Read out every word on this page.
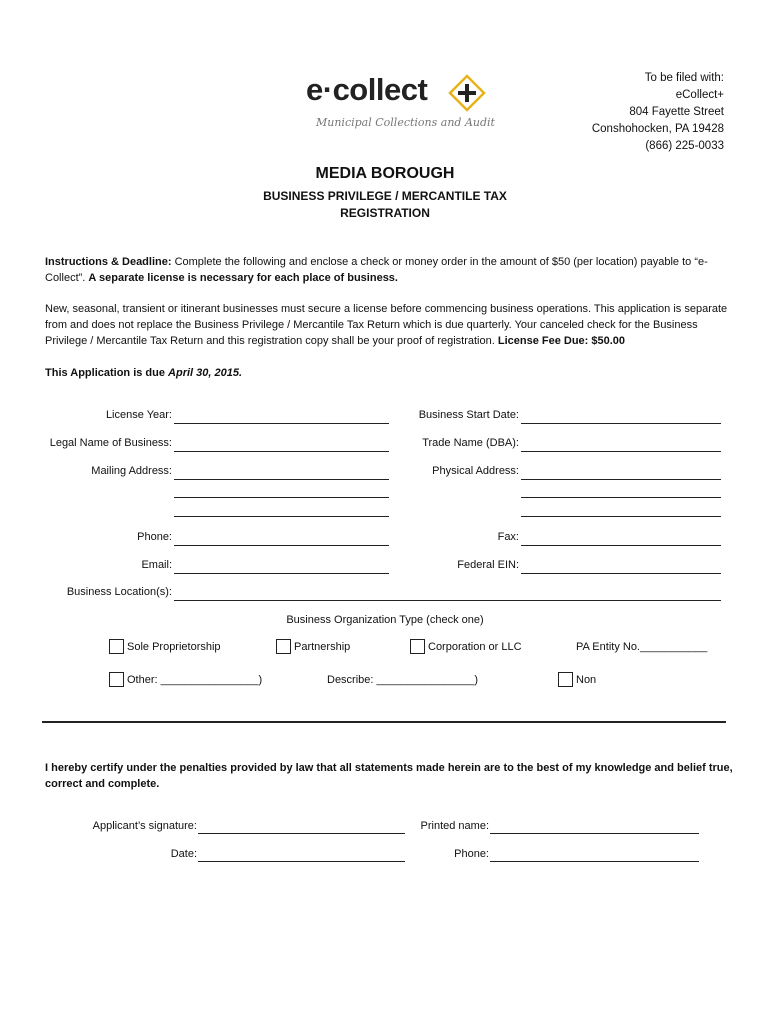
To be filed with:
eCollect+
804 Fayette Street
Conshohocken, PA 19428
(866) 225-0033
e·collect
Municipal Collections and Audit
MEDIA BOROUGH
BUSINESS PRIVILEGE / MERCANTILE TAX
REGISTRATION
Instructions & Deadline: Complete the following and enclose a check or money order in the amount of $50 (per location) payable to “e-Collect”. A separate license is necessary for each place of business.
New, seasonal, transient or itinerant businesses must secure a license before commencing business operations. This application is separate from and does not replace the Business Privilege / Mercantile Tax Return which is due quarterly. Your canceled check for the Business Privilege / Mercantile Tax Return and this registration copy shall be your proof of registration. License Fee Due: $50.00
This Application is due April 30, 2015.
License Year:	Business Start Date:
Legal Name of Business:	Trade Name (DBA):
Mailing Address:	Physical Address:
Phone:	Fax:
Email:	Federal EIN:
Business Location(s):
Business Organization Type (check one)
Sole Proprietorship	Partnership	Corporation or LLC	PA Entity No.___________
Other: ________________)	Describe: ________________)	Non
I hereby certify under the penalties provided by law that all statements made herein are to the best of my knowledge and belief true, correct and complete.
Applicant’s signature:	Printed name:
Date:	Phone:
